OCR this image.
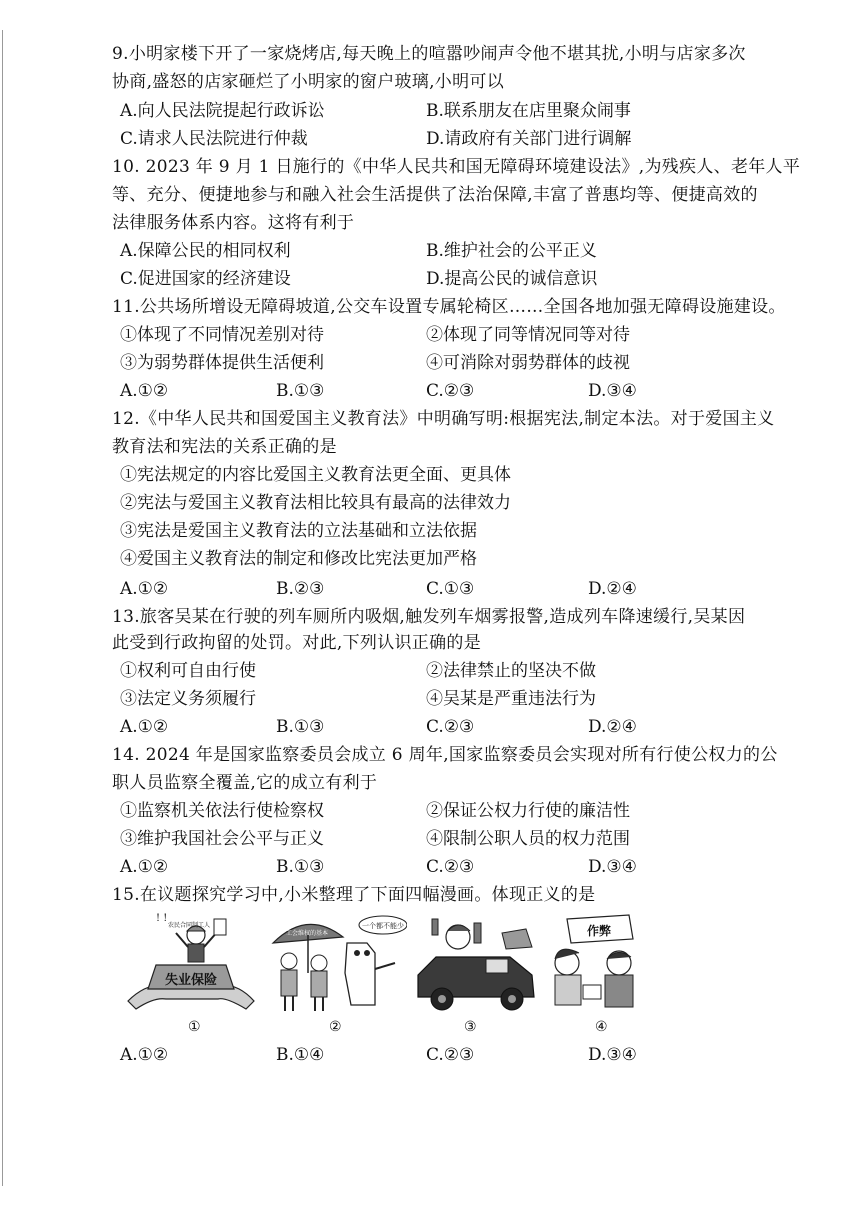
9.小明家楼下开了一家烧烤店,每天晚上的喧嚣吵闹声令他不堪其扰,小明与店家多次
协商,盛怒的店家砸烂了小明家的窗户玻璃,小明可以
A.向人民法院提起行政诉讼	B.联系朋友在店里聚众闹事
C.请求人民法院进行仲裁	D.请政府有关部门进行调解
10. 2023 年 9 月 1 日施行的《中华人民共和国无障碍环境建设法》,为残疾人、老年人平
等、充分、便捷地参与和融入社会生活提供了法治保障,丰富了普惠均等、便捷高效的
法律服务体系内容。这将有利于
A.保障公民的相同权利	B.维护社会的公平正义
C.促进国家的经济建设	D.提高公民的诚信意识
11.公共场所增设无障碍坡道,公交车设置专属轮椅区……全国各地加强无障碍设施建设。
①体现了不同情况差别对待	②体现了同等情况同等对待
③为弱势群体提供生活便利	④可消除对弱势群体的歧视
A.①②	B.①③	C.②③	D.③④
12.《中华人民共和国爱国主义教育法》中明确写明:根据宪法,制定本法。对于爱国主义
教育法和宪法的关系正确的是
①宪法规定的内容比爱国主义教育法更全面、更具体
②宪法与爱国主义教育法相比较具有最高的法律效力
③宪法是爱国主义教育法的立法基础和立法依据
④爱国主义教育法的制定和修改比宪法更加严格
A.①②	B.②③	C.①③	D.②④
13.旅客吴某在行驶的列车厕所内吸烟,触发列车烟雾报警,造成列车降速缓行,吴某因
此受到行政拘留的处罚。对此,下列认识正确的是
①权利可自由行使	②法律禁止的坚决不做
③法定义务须履行	④吴某是严重违法行为
A.①②	B.①③	C.②③	D.②④
14. 2024 年是国家监察委员会成立 6 周年,国家监察委员会实现对所有行使公权力的公
职人员监察全覆盖,它的成立有利于
①监察机关依法行使检察权	②保证公权力行使的廉洁性
③维护我国社会公平与正义	④限制公职人员的权力范围
A.①②	B.①③	C.②③	D.③④
15.在议题探究学习中,小米整理了下面四幅漫画。体现正义的是
失业保险
农民合同制工人
! !
①
工会维权的基本
一个都不能少
②	③
作弊
④
A.①②	B.①④	C.②③	D.③④
